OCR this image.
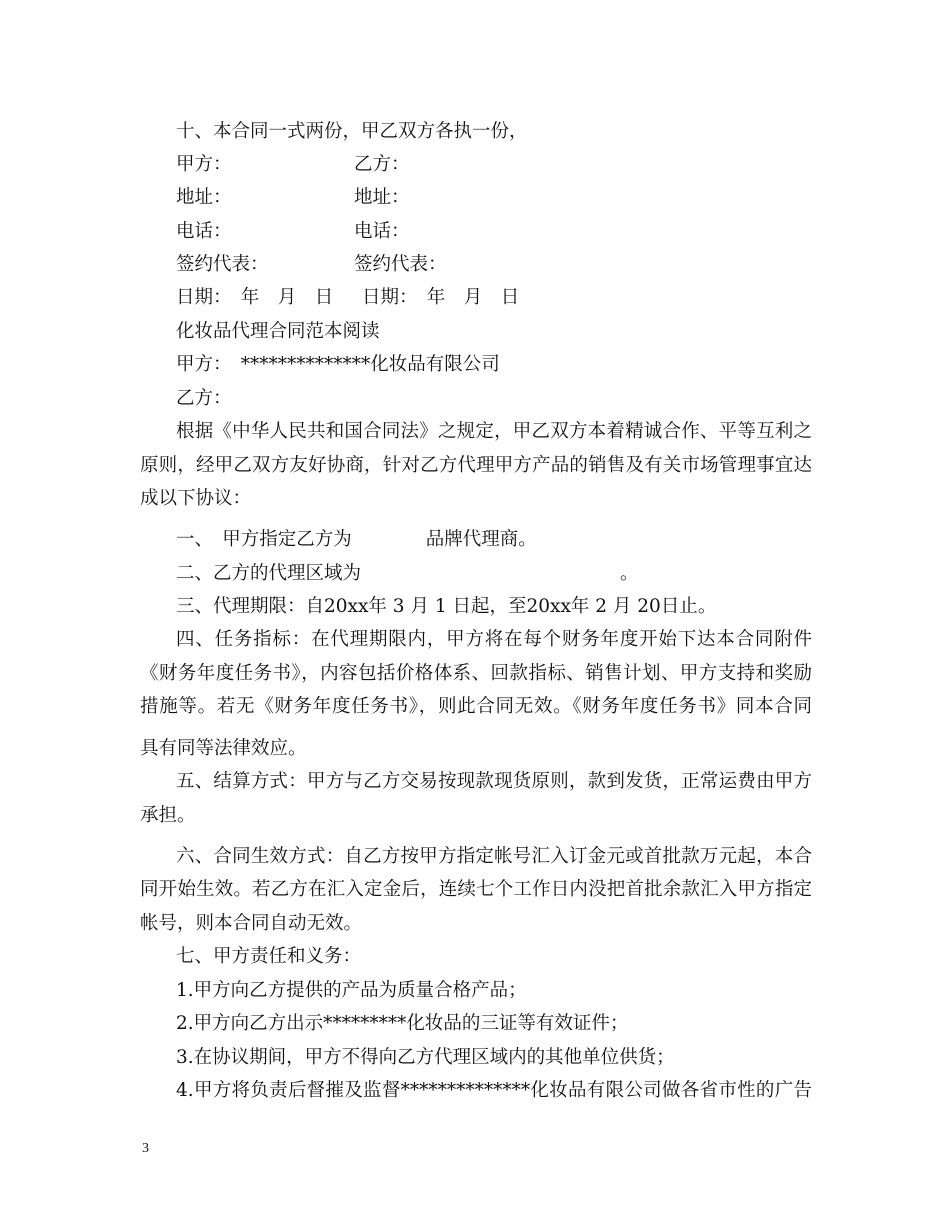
十、本合同一式两份，甲乙双方各执一份，

甲方：	乙方：

地址：	地址：

电话：	电话：

签约代表：	签约代表：

日期：　年　月　日 日期：　年　月　日

化妆品代理合同范本阅读

甲方：　**************化妆品有限公司

乙方：

根据《中华人民共和国合同法》之规定，甲乙双方本着精诚合作、平等互利之

原则，经甲乙双方友好协商，针对乙方代理甲方产品的销售及有关市场管理事宜达

成以下协议：

一、　甲方指定乙方为　　　　品牌代理商。

二、乙方的代理区域为　　　　　　　　　　　　　　。

三、代理期限：自20xx年 3 月 1 日起，至20xx年 2 月 20日止。

四、任务指标：在代理期限内，甲方将在每个财务年度开始下达本合同附件

《财务年度任务书》，内容包括价格体系、回款指标、销售计划、甲方支持和奖励

措施等。若无《财务年度任务书》，则此合同无效。《财务年度任务书》同本合同

具有同等法律效应。

五、结算方式：甲方与乙方交易按现款现货原则，款到发货，正常运费由甲方

承担。

六、合同生效方式：自乙方按甲方指定帐号汇入订金元或首批款万元起，本合

同开始生效。若乙方在汇入定金后，连续七个工作日内没把首批余款汇入甲方指定

帐号，则本合同自动无效。

七、甲方责任和义务：

1.甲方向乙方提供的产品为质量合格产品；

2.甲方向乙方出示*********化妆品的三证等有效证件；

3.在协议期间，甲方不得向乙方代理区域内的其他单位供货；

4.甲方将负责后督摧及监督**************化妆品有限公司做各省市性的广告

3
